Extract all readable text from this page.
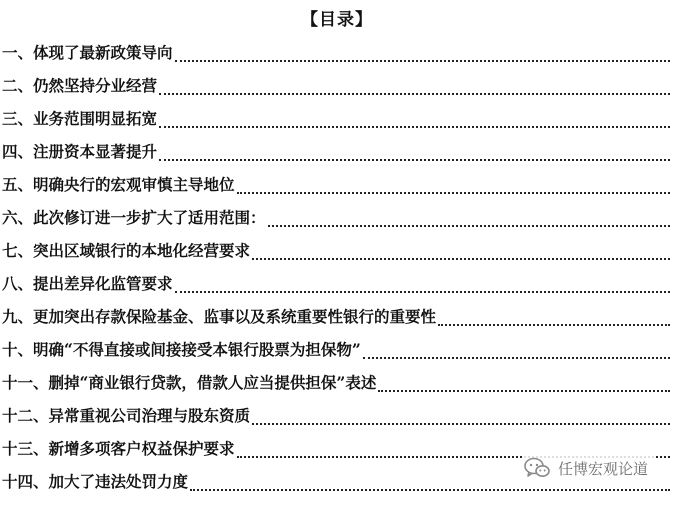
【目录】
一、体现了最新政策导向
二、仍然坚持分业经营
三、业务范围明显拓宽
四、注册资本显著提升
五、明确央行的宏观审慎主导地位
六、此次修订进一步扩大了适用范围：
七、突出区域银行的本地化经营要求
八、提出差异化监管要求
九、更加突出存款保险基金、监事以及系统重要性银行的重要性
十、明确“不得直接或间接接受本银行股票为担保物”
十一、删掉“商业银行贷款，借款人应当提供担保”表述
十二、异常重视公司治理与股东资质
十三、新增多项客户权益保护要求
十四、加大了违法处罚力度
任博宏观论道
